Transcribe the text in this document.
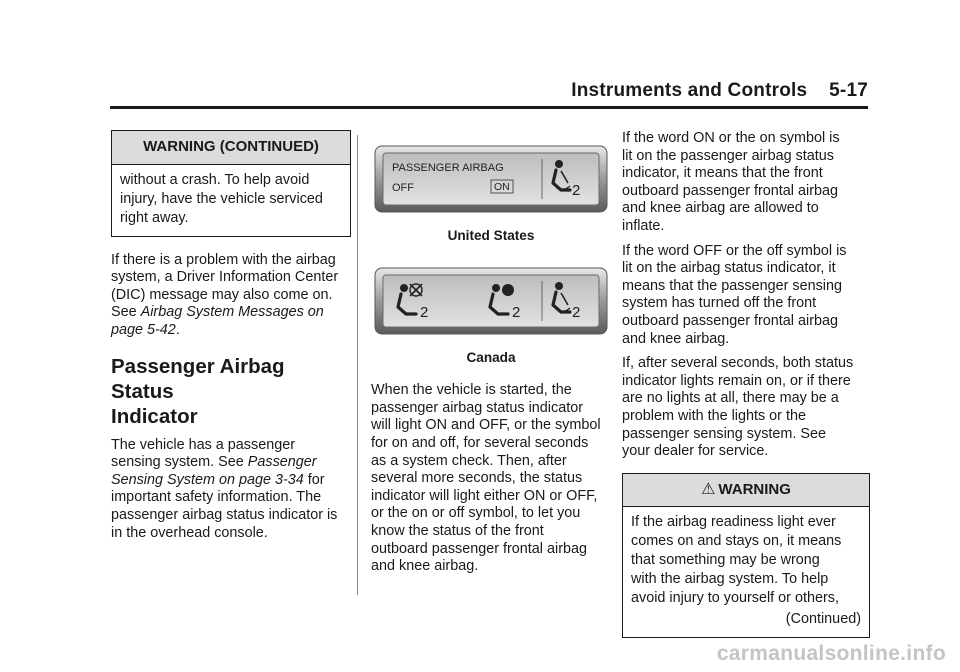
Instruments and Controls    5-17
WARNING (CONTINUED)
without a crash. To help avoid
injury, have the vehicle serviced
right away.
If there is a problem with the airbag
system, a Driver Information Center
(DIC) message may also come on.
See Airbag System Messages on
page 5-42.
Passenger Airbag Status
Indicator
The vehicle has a passenger
sensing system. See Passenger
Sensing System on page 3-34 for
important safety information. The
passenger airbag status indicator is
in the overhead console.
PASSENGER AIRBAG
OFF	ON	2
United States
2	2	2
Canada
When the vehicle is started, the
passenger airbag status indicator
will light ON and OFF, or the symbol
for on and off, for several seconds
as a system check. Then, after
several more seconds, the status
indicator will light either ON or OFF,
or the on or off symbol, to let you
know the status of the front
outboard passenger frontal airbag
and knee airbag.
If the word ON or the on symbol is
lit on the passenger airbag status
indicator, it means that the front
outboard passenger frontal airbag
and knee airbag are allowed to
inflate.
If the word OFF or the off symbol is
lit on the airbag status indicator, it
means that the passenger sensing
system has turned off the front
outboard passenger frontal airbag
and knee airbag.
If, after several seconds, both status
indicator lights remain on, or if there
are no lights at all, there may be a
problem with the lights or the
passenger sensing system. See
your dealer for service.
⚠ WARNING
If the airbag readiness light ever
comes on and stays on, it means
that something may be wrong
with the airbag system. To help
avoid injury to yourself or others,
(Continued)
carmanualsonline.info
